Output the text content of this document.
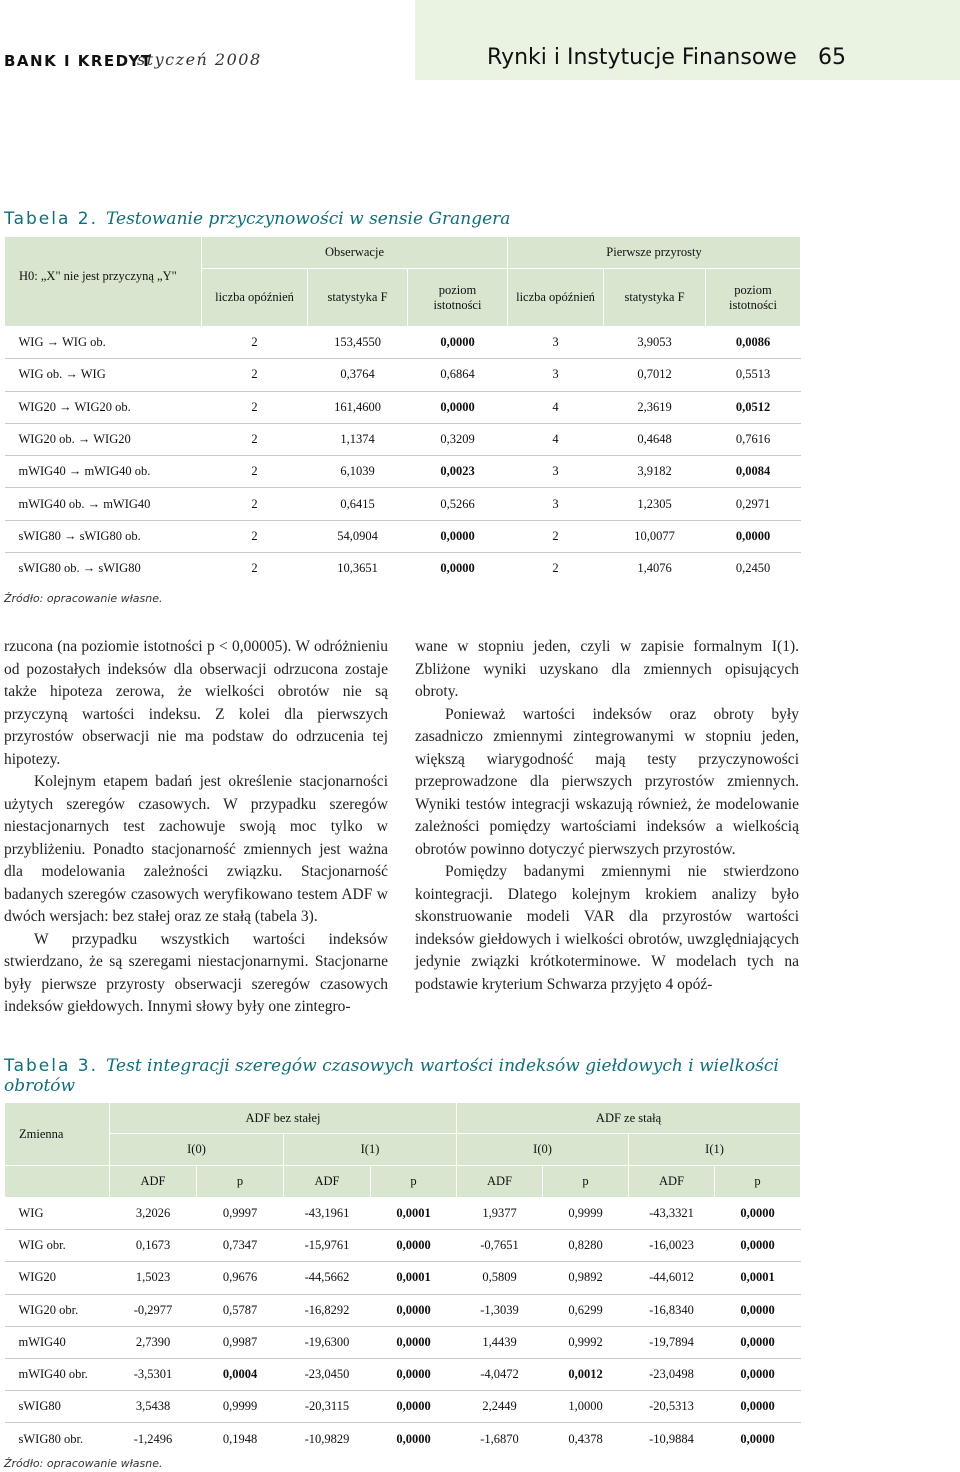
BANK I KREDYT
styczeń 2008	Rynki i Instytucje Finansowe 65
Tabela 2. Testowanie przyczynowości w sensie Grangera
H0: „X" nie jest przyczyną „Y"	Obserwacje			Pierwsze przyrosty		
	liczba opóźnień	statystyka F	poziom istotności	liczba opóźnień	statystyka F	poziom istotności
WIG → WIG ob.	2	153,4550	0,0000	3	3,9053	0,0086
WIG ob. → WIG	2	0,3764	0,6864	3	0,7012	0,5513
WIG20 → WIG20 ob.	2	161,4600	0,0000	4	2,3619	0,0512
WIG20 ob. → WIG20	2	1,1374	0,3209	4	0,4648	0,7616
mWIG40 → mWIG40 ob.	2	6,1039	0,0023	3	3,9182	0,0084
mWIG40 ob. → mWIG40	2	0,6415	0,5266	3	1,2305	0,2971
sWIG80 → sWIG80 ob.	2	54,0904	0,0000	2	10,0077	0,0000
sWIG80 ob. → sWIG80	2	10,3651	0,0000	2	1,4076	0,2450
Źródło: opracowanie własne.

rzucona (na poziomie istotności p < 0,00005). W odróżnieniu od pozostałych indeksów dla obserwacji odrzucona zostaje także hipoteza zerowa, że wielkości obrotów nie są przyczyną wartości indeksu. Z kolei dla pierwszych przyrostów obserwacji nie ma podstaw do odrzucenia tej hipotezy.

Kolejnym etapem badań jest określenie stacjonarności użytych szeregów czasowych. W przypadku szeregów niestacjonarnych test zachowuje swoją moc tylko w przybliżeniu. Ponadto stacjonarność zmiennych jest ważna dla modelowania zależności związku. Stacjonarność badanych szeregów czasowych weryfikowano testem ADF w dwóch wersjach: bez stałej oraz ze stałą (tabela 3).

W przypadku wszystkich wartości indeksów stwierdzano, że są szeregami niestacjonarnymi. Stacjonarne były pierwsze przyrosty obserwacji szeregów czasowych indeksów giełdowych. Innymi słowy były one zintegro-

wane w stopniu jeden, czyli w zapisie formalnym I(1). Zbliżone wyniki uzyskano dla zmiennych opisujących obroty.

Ponieważ wartości indeksów oraz obroty były zasadniczo zmiennymi zintegrowanymi w stopniu jeden, większą wiarygodność mają testy przyczynowości przeprowadzone dla pierwszych przyrostów zmiennych. Wyniki testów integracji wskazują również, że modelowanie zależności pomiędzy wartościami indeksów a wielkością obrotów powinno dotyczyć pierwszych przyrostów.

Pomiędzy badanymi zmiennymi nie stwierdzono kointegracji. Dlatego kolejnym krokiem analizy było skonstruowanie modeli VAR dla przyrostów wartości indeksów giełdowych i wielkości obrotów, uwzględniających jedynie związki krótkoterminowe. W modelach tych na podstawie kryterium Schwarza przyjęto 4 opóź-

Tabela 3. Test integracji szeregów czasowych wartości indeksów giełdowych i wielkości obrotów
Zmienna	ADF bez stałej				ADF ze stałą			
	I(0)		I(1)		I(0)		I(1)	
	ADF	p	ADF	p	ADF	p	ADF	p
WIG	3,2026	0,9997	-43,1961	0,0001	1,9377	0,9999	-43,3321	0,0000
WIG obr.	0,1673	0,7347	-15,9761	0,0000	-0,7651	0,8280	-16,0023	0,0000
WIG20	1,5023	0,9676	-44,5662	0,0001	0,5809	0,9892	-44,6012	0,0001
WIG20 obr.	-0,2977	0,5787	-16,8292	0,0000	-1,3039	0,6299	-16,8340	0,0000
mWIG40	2,7390	0,9987	-19,6300	0,0000	1,4439	0,9992	-19,7894	0,0000
mWIG40 obr.	-3,5301	0,0004	-23,0450	0,0000	-4,0472	0,0012	-23,0498	0,0000
sWIG80	3,5438	0,9999	-20,3115	0,0000	2,2449	1,0000	-20,5313	0,0000
sWIG80 obr.	-1,2496	0,1948	-10,9829	0,0000	-1,6870	0,4378	-10,9884	0,0000
Źródło: opracowanie własne.
